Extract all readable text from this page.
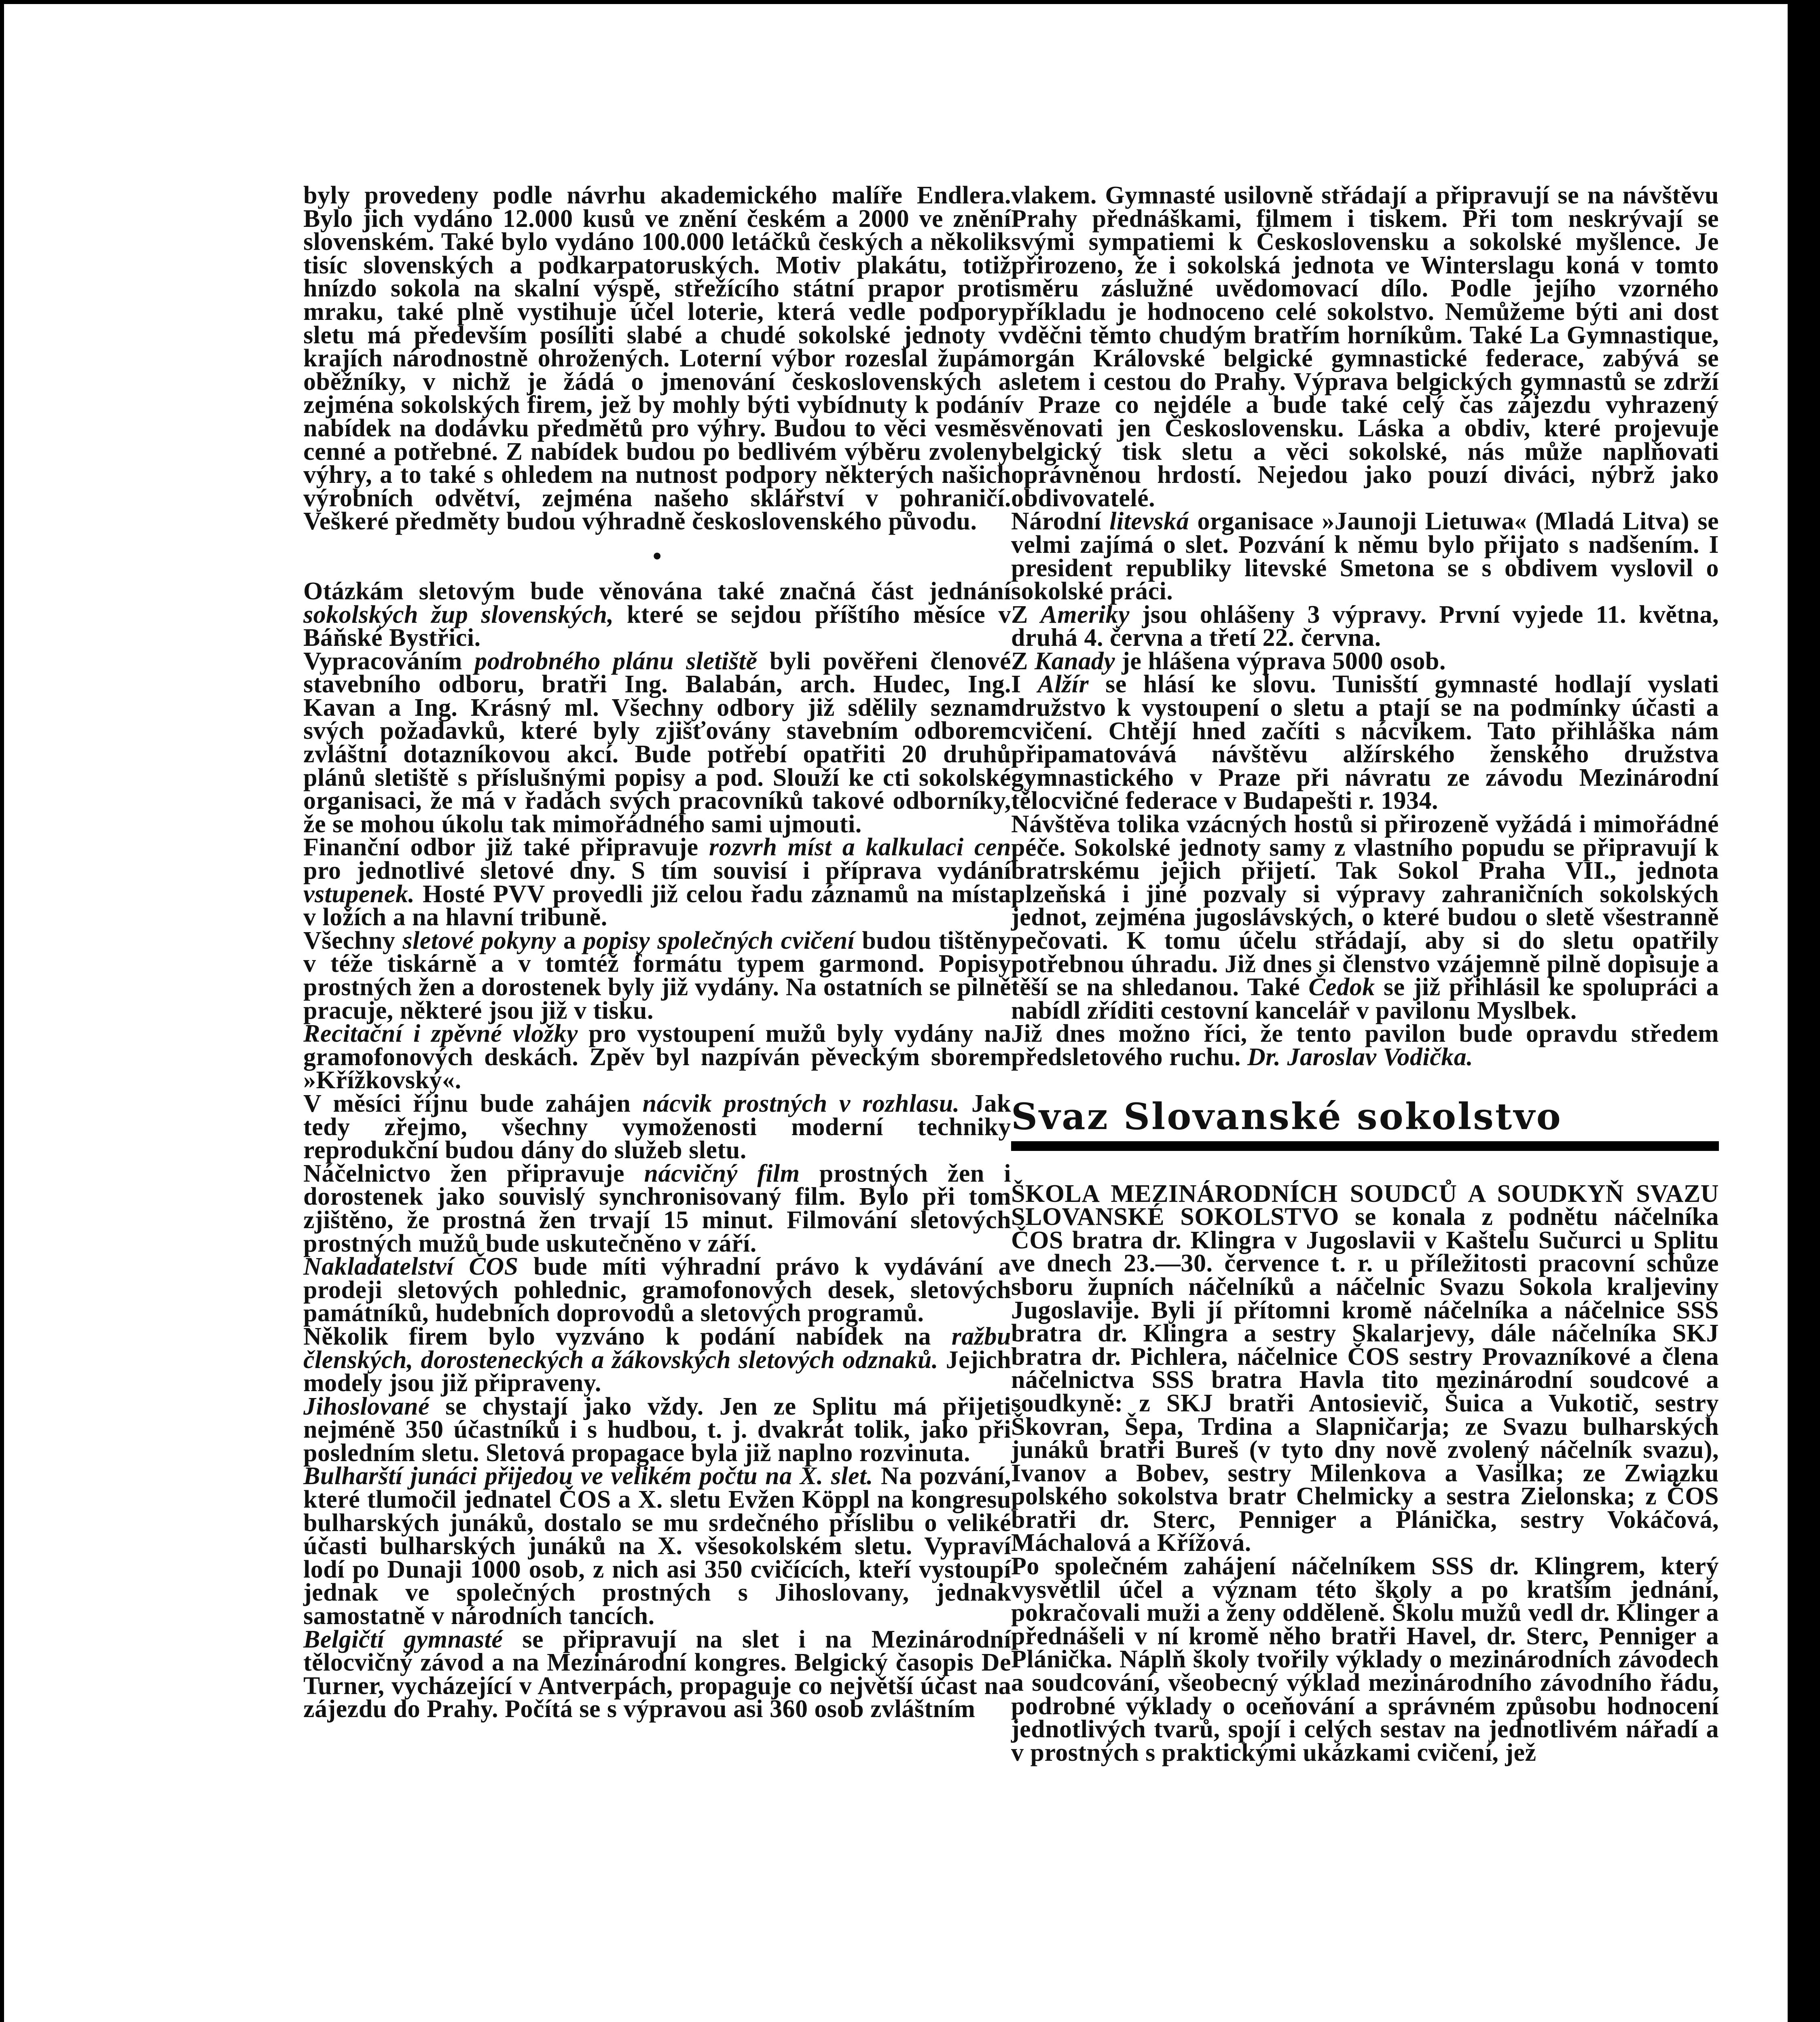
byly provedeny podle návrhu akademického malíře Endlera. Bylo jich vydáno 12.000 kusů ve znění českém a 2000 ve znění slovenském. Také bylo vydáno 100.000 letáčků českých a několik tisíc slovenských a podkarpatoruských. Motiv plakátu, totiž hnízdo sokola na skalní výspě, střežícího státní prapor proti mraku, také plně vystihuje účel loterie, která vedle podpory sletu má především posíliti slabé a chudé sokolské jednoty v krajích národnostně ohrožených. Loterní výbor rozeslal župám oběžníky, v nichž je žádá o jmenování československých a zejména sokolských firem, jež by mohly býti vybídnuty k podání nabídek na dodávku předmětů pro výhry. Budou to věci vesměs cenné a potřebné. Z nabídek budou po bedlivém výběru zvoleny výhry, a to také s ohledem na nutnost podpory některých našich výrobních odvětví, zejména našeho sklářství v pohraničí. Veškeré předměty budou výhradně československého původu.

•

Otázkám sletovým bude věnována také značná část jednání sokolských žup slovenských, které se sejdou příštího měsíce v Báňské Bystřici.

Vypracováním podrobného plánu sletiště byli pověřeni členové stavebního odboru, bratři Ing. Balabán, arch. Hudec, Ing. Kavan a Ing. Krásný ml. Všechny odbory již sdělily seznam svých požadavků, které byly zjišťovány stavebním odborem zvláštní dotazníkovou akcí. Bude potřebí opatřiti 20 druhů plánů sletiště s příslušnými popisy a pod. Slouží ke cti sokolské organisaci, že má v řadách svých pracovníků takové odborníky, že se mohou úkolu tak mimořádného sami ujmouti.

Finanční odbor již také připravuje rozvrh míst a kalkulaci cen pro jednotlivé sletové dny. S tím souvisí i příprava vydání vstupenek. Hosté PVV provedli již celou řadu záznamů na místa v ložích a na hlavní tribuně.

Všechny sletové pokyny a popisy společných cvičení budou tištěny v téže tiskárně a v tomtéž formátu typem garmond. Popisy prostných žen a dorostenek byly již vydány. Na ostatních se pilně pracuje, některé jsou již v tisku.

Recitační i zpěvné vložky pro vystoupení mužů byly vydány na gramofonových deskách. Zpěv byl nazpíván pěveckým sborem »Křížkovský«.

V měsíci říjnu bude zahájen nácvik prostných v rozhlasu. Jak tedy zřejmo, všechny vymoženosti moderní techniky reprodukční budou dány do služeb sletu.

Náčelnictvo žen připravuje nácvičný film prostných žen i dorostenek jako souvislý synchronisovaný film. Bylo při tom zjištěno, že prostná žen trvají 15 minut. Filmování sletových prostných mužů bude uskutečněno v září.

Nakladatelství ČOS bude míti výhradní právo k vydávání a prodeji sletových pohlednic, gramofonových desek, sletových památníků, hudebních doprovodů a sletových programů.

Několik firem bylo vyzváno k podání nabídek na ražbu členských, dorosteneckých a žákovských sletových odznaků. Jejich modely jsou již připraveny.

Jihoslované se chystají jako vždy. Jen ze Splitu má přijeti nejméně 350 účastníků i s hudbou, t. j. dvakrát tolik, jako při posledním sletu. Sletová propagace byla již naplno rozvinuta.

Bulharští junáci přijedou ve velikém počtu na X. slet. Na pozvání, které tlumočil jednatel ČOS a X. sletu Evžen Köppl na kongresu bulharských junáků, dostalo se mu srdečného příslibu o veliké účasti bulharských junáků na X. všesokolském sletu. Vypraví lodí po Dunaji 1000 osob, z nich asi 350 cvičících, kteří vystoupí jednak ve společných prostných s Jihoslovany, jednak samostatně v národních tancích.

Belgičtí gymnasté se připravují na slet i na Mezinárodní tělocvičný závod a na Mezinárodní kongres. Belgický časopis De Turner, vycházející v Antverpách, propaguje co největší účast na zájezdu do Prahy. Počítá se s výpravou asi 360 osob zvláštním

vlakem. Gymnasté usilovně střádají a připravují se na návštěvu Prahy přednáškami, filmem i tiskem. Při tom neskrývají se svými sympatiemi k Československu a sokolské myšlence. Je přirozeno, že i sokolská jednota ve Winterslagu koná v tomto směru záslužné uvědomovací dílo. Podle jejího vzorného příkladu je hodnoceno celé sokolstvo. Nemůžeme býti ani dost vděčni těmto chudým bratřím horníkům. Také La Gymnastique, orgán Královské belgické gymnastické federace, zabývá se sletem i cestou do Prahy. Výprava belgických gymnastů se zdrží v Praze co nejdéle a bude také celý čas zájezdu vyhrazený věnovati jen Československu. Láska a obdiv, které projevuje belgický tisk sletu a věci sokolské, nás může naplňovati oprávněnou hrdostí. Nejedou jako pouzí diváci, nýbrž jako obdivovatelé.

Národní litevská organisace »Jaunoji Lietuwa« (Mladá Litva) se velmi zajímá o slet. Pozvání k němu bylo přijato s nadšením. I president republiky litevské Smetona se s obdivem vyslovil o sokolské práci.

Z Ameriky jsou ohlášeny 3 výpravy. První vyjede 11. května, druhá 4. června a třetí 22. června.

Z Kanady je hlášena výprava 5000 osob.

I Alžír se hlásí ke slovu. Tunisští gymnasté hodlají vyslati družstvo k vystoupení o sletu a ptají se na podmínky účasti a cvičení. Chtějí hned začíti s nácvikem. Tato přihláška nám připamatovává návštěvu alžírského ženského družstva gymnastického v Praze při návratu ze závodu Mezinárodní tělocvičné federace v Budapešti r. 1934.

Návštěva tolika vzácných hostů si přirozeně vyžádá i mimořádné péče. Sokolské jednoty samy z vlastního popudu se připravují k bratrskému jejich přijetí. Tak Sokol Praha VII., jednota plzeňská i jiné pozvaly si výpravy zahraničních sokolských jednot, zejména jugoslávských, o které budou o sletě všestranně pečovati. K tomu účelu střádají, aby si do sletu opatřily potřebnou úhradu. Již dnes si členstvo vzájemně pilně dopisuje a těší se na shledanou. Také Čedok se již přihlásil ke spolupráci a nabídl zříditi cestovní kancelář v pavilonu Myslbek.

Již dnes možno říci, že tento pavilon bude opravdu středem předsletového ruchu. Dr. Jaroslav Vodička.

Svaz Slovanské sokolstvo

ŠKOLA MEZINÁRODNÍCH SOUDCŮ A SOUDKYŇ SVAZU SLOVANSKÉ SOKOLSTVO se konala z podnětu náčelníka ČOS bratra dr. Klingra v Jugoslavii v Kaštelu Sučurci u Splitu ve dnech 23.—30. července t. r. u příležitosti pracovní schůze sboru župních náčelníků a náčelnic Svazu Sokola kraljeviny Jugoslavije. Byli jí přítomni kromě náčelníka a náčelnice SSS bratra dr. Klingra a sestry Skalarjevy, dále náčelníka SKJ bratra dr. Pichlera, náčelnice ČOS sestry Provazníkové a člena náčelnictva SSS bratra Havla tito mezinárodní soudcové a soudkyně: z SKJ bratři Antosievič, Šuica a Vukotič, sestry Škovran, Šepa, Trdina a Slapničarja; ze Svazu bulharských junáků bratři Bureš (v tyto dny nově zvolený náčelník svazu), Ivanov a Bobev, sestry Milenkova a Vasilka; ze Związku polského sokolstva bratr Chelmicky a sestra Zielonska; z ČOS bratři dr. Sterc, Penniger a Plánička, sestry Vokáčová, Máchalová a Křížová.

Po společném zahájení náčelníkem SSS dr. Klingrem, který vysvětlil účel a význam této školy a po kratším jednání, pokračovali muži a ženy odděleně. Školu mužů vedl dr. Klinger a přednášeli v ní kromě něho bratři Havel, dr. Sterc, Penniger a Plánička. Náplň školy tvořily výklady o mezinárodních závodech a soudcování, všeobecný výklad mezinárodního závodního řádu, podrobné výklady o oceňování a správném způsobu hodnocení jednotlivých tvarů, spojí i celých sestav na jednotlivém nářadí a v prostných s praktickými ukázkami cvičení, jež
